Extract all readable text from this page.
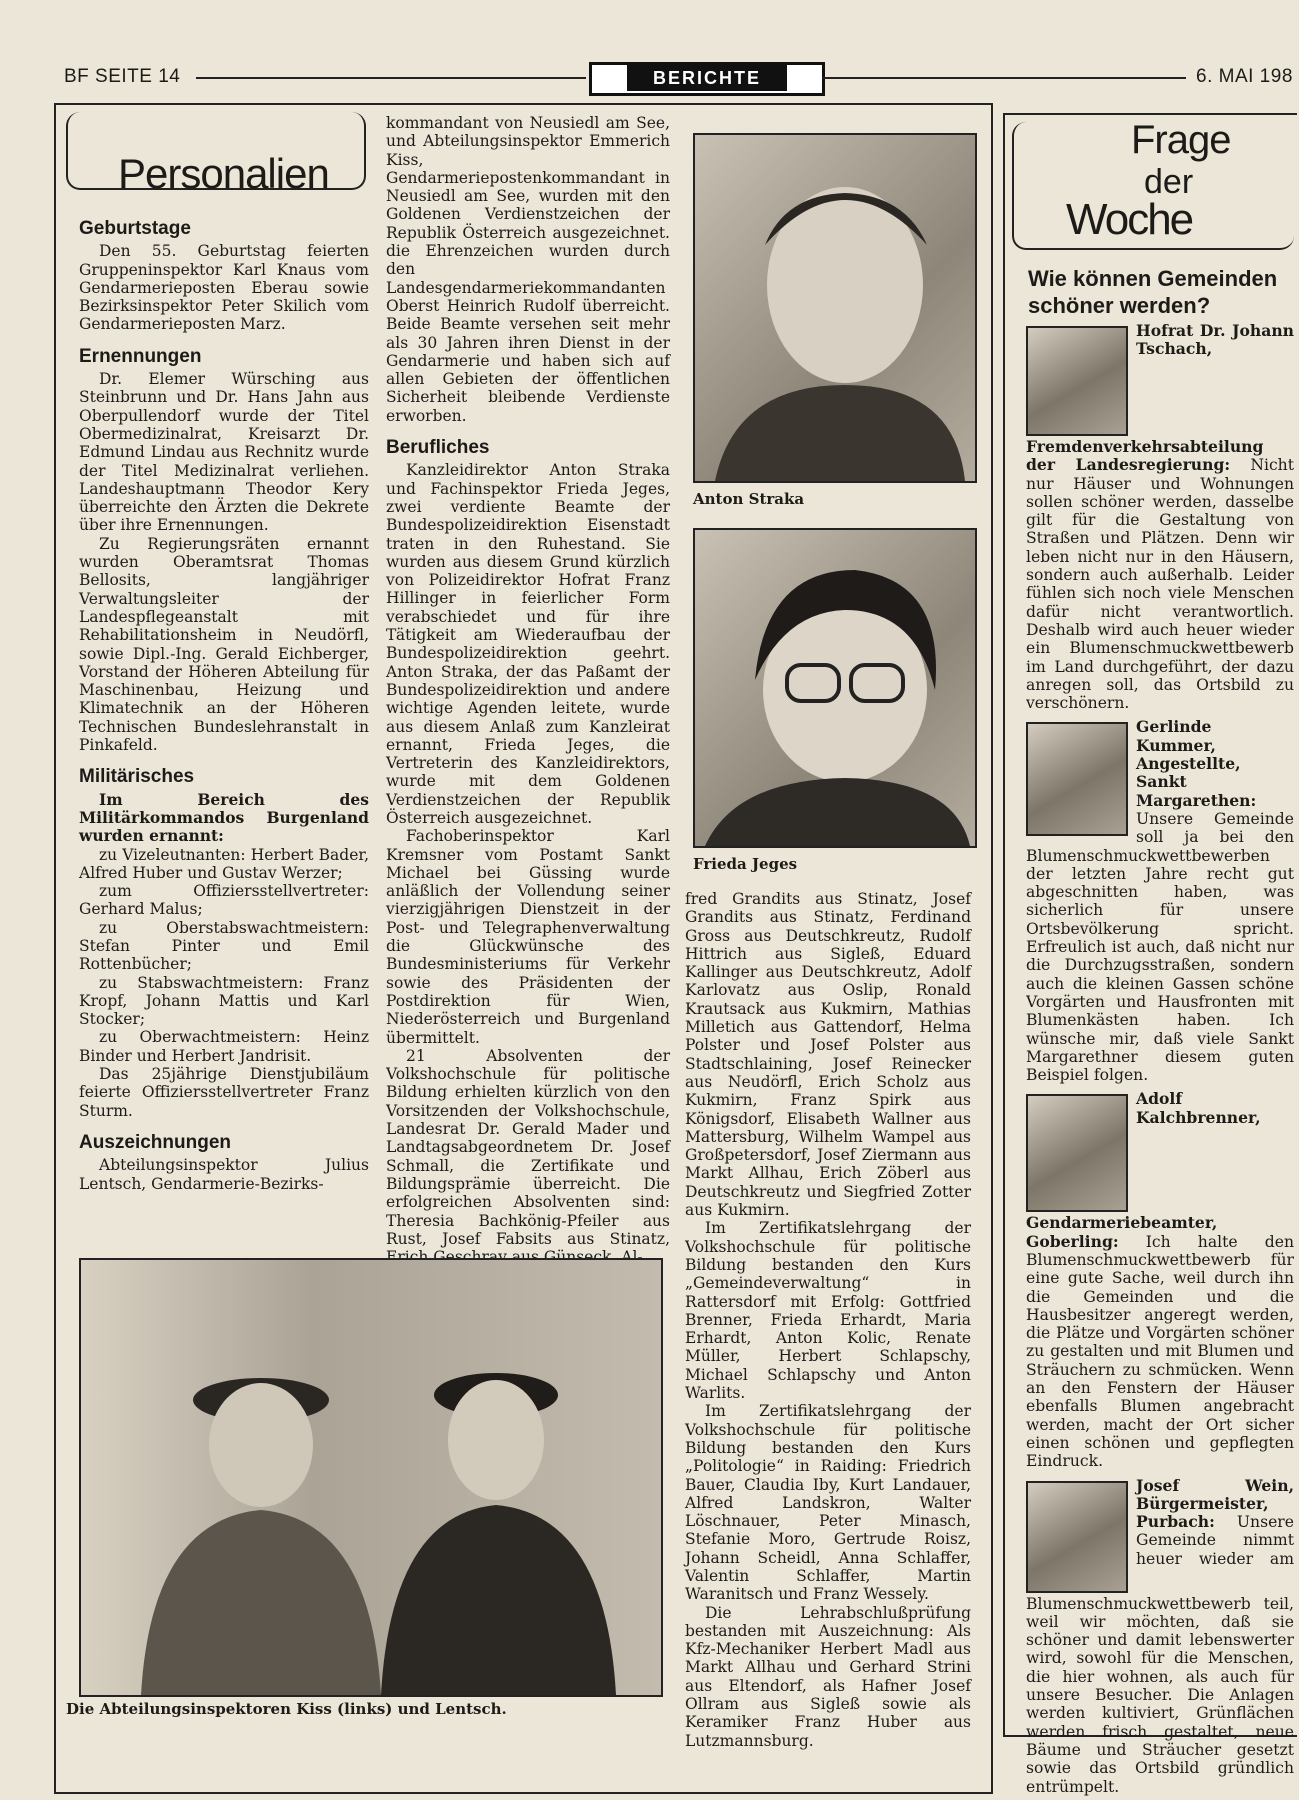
BF SEITE 14	BERICHTE	6. MAI 198
Personalien
Geburtstage

Den 55. Geburtstag feierten Gruppeninspektor Karl Knaus vom Gendarmerieposten Eberau sowie Bezirksinspektor Peter Skilich vom Gendarmerieposten Marz.

Ernennungen

Dr. Elemer Würsching aus Steinbrunn und Dr. Hans Jahn aus Oberpullendorf wurde der Titel Obermedizinalrat, Kreisarzt Dr. Edmund Lindau aus Rechnitz wurde der Titel Medizinalrat verliehen. Landeshauptmann Theodor Kery überreichte den Ärzten die Dekrete über ihre Ernennungen.

Zu Regierungsräten ernannt wurden Oberamtsrat Thomas Bellosits, langjähriger Verwaltungsleiter der Landespflegeanstalt mit Rehabilitationsheim in Neudörfl, sowie Dipl.-Ing. Gerald Eichberger, Vorstand der Höheren Abteilung für Maschinenbau, Heizung und Klimatechnik an der Höheren Technischen Bundeslehranstalt in Pinkafeld.

Militärisches

Im Bereich des Militärkommandos Burgenland wurden ernannt:

zu Vizeleutnanten: Herbert Bader, Alfred Huber und Gustav Werzer;

zum Offiziersstellvertreter: Gerhard Malus;

zu Oberstabswachtmeistern: Stefan Pinter und Emil Rottenbücher;

zu Stabswachtmeistern: Franz Kropf, Johann Mattis und Karl Stocker;

zu Oberwachtmeistern: Heinz Binder und Herbert Jandrisit.

Das 25jährige Dienstjubiläum feierte Offiziersstellvertreter Franz Sturm.

Auszeichnungen

Abteilungsinspektor Julius Lentsch, Gendarmerie-Bezirks-

kommandant von Neusiedl am See, und Abteilungsinspektor Emmerich Kiss, Gendarmeriepostenkommandant in Neusiedl am See, wurden mit den Goldenen Verdienstzeichen der Republik Österreich ausgezeichnet. die Ehrenzeichen wurden durch den Landesgendarmeriekommandanten Oberst Heinrich Rudolf überreicht. Beide Beamte versehen seit mehr als 30 Jahren ihren Dienst in der Gendarmerie und haben sich auf allen Gebieten der öffentlichen Sicherheit bleibende Verdienste erworben.

Berufliches

Kanzleidirektor Anton Straka und Fachinspektor Frieda Jeges, zwei verdiente Beamte der Bundespolizeidirektion Eisenstadt traten in den Ruhestand. Sie wurden aus diesem Grund kürzlich von Polizeidirektor Hofrat Franz Hillinger in feierlicher Form verabschiedet und für ihre Tätigkeit am Wiederaufbau der Bundespolizeidirektion geehrt. Anton Straka, der das Paßamt der Bundespolizeidirektion und andere wichtige Agenden leitete, wurde aus diesem Anlaß zum Kanzleirat ernannt, Frieda Jeges, die Vertreterin des Kanzleidirektors, wurde mit dem Goldenen Verdienstzeichen der Republik Österreich ausgezeichnet.

Fachoberinspektor Karl Kremsner vom Postamt Sankt Michael bei Güssing wurde anläßlich der Vollendung seiner vierzigjährigen Dienstzeit in der Post- und Telegraphenverwaltung die Glückwünsche des Bundesministeriums für Verkehr sowie des Präsidenten der Postdirektion für Wien, Niederösterreich und Burgenland übermittelt.

21 Absolventen der Volkshochschule für politische Bildung erhielten kürzlich von den Vorsitzenden der Volkshochschule, Landesrat Dr. Gerald Mader und Landtagsabgeordnetem Dr. Josef Schmall, die Zertifikate und Bildungsprämie überreicht. Die erfolgreichen Absolventen sind: Theresia Bachkönig-Pfeiler aus Rust, Josef Fabsits aus Stinatz,

Anton Straka
Frieda Jeges

fred Grandits aus Stinatz, Josef Grandits aus Stinatz, Ferdinand Gross aus Deutschkreutz, Rudolf Hittrich aus Sigleß, Eduard Kallinger aus Deutschkreutz, Adolf Karlovatz aus Oslip, Ronald Krautsack aus Kukmirn, Mathias Milletich aus Gattendorf, Helma Polster und Josef Polster aus Stadtschlaining, Josef Reinecker aus Neudörfl, Erich Scholz aus Kukmirn, Franz Spirk aus Königsdorf, Elisabeth Wallner aus Mattersburg, Wilhelm Wampel aus Großpetersdorf, Josef Ziermann aus Markt Allhau, Erich Zöberl aus Deutschkreutz und Siegfried Zotter aus Kukmirn.

Im Zertifikatslehrgang der Volkshochschule für politische Bildung bestanden den Kurs „Gemeindeverwaltung“ in Rattersdorf mit Erfolg: Gottfried Brenner, Frieda Erhardt, Maria Erhardt, Anton Kolic, Renate Müller, Herbert Schlapschy, Michael Schlapschy und Anton Warlits.

Im Zertifikatslehrgang der Volkshochschule für politische Bildung bestanden den Kurs „Politologie“ in Raiding: Friedrich Bauer, Claudia Iby, Kurt Landauer, Alfred Landskron, Walter Löschnauer, Peter Minasch, Stefanie Moro, Gertrude Roisz, Johann Scheidl, Anna Schlaffer, Valentin Schlaffer, Martin Waranitsch und Franz Wessely.

Die Lehrabschlußprüfung bestanden mit Auszeichnung: Als Kfz-Mechaniker Herbert Madl aus Markt Allhau und Gerhard Strini aus Eltendorf, als Hafner Josef Ollram aus Sigleß sowie als Keramiker Franz Huber aus Lutzmannsburg.

Die Abteilungsinspektoren Kiss (links) und Lentsch.
Frage
der
Woche
Wie können Gemeinden schöner werden?
Hofrat Dr. Johann Tschach, Fremdenverkehrsabteilung der Landesregierung: Nicht nur Häuser und Wohnungen sollen schöner werden, dasselbe gilt für die Gestaltung von Straßen und Plätzen. Denn wir leben nicht nur in den Häusern, sondern auch außerhalb. Leider fühlen sich noch viele Menschen dafür nicht verantwortlich. Deshalb wird auch heuer wieder ein Blumenschmuckwettbewerb im Land durchgeführt, der dazu anregen soll, das Ortsbild zu verschönern.
Gerlinde Kummer, Angestellte, Sankt Margarethen: Unsere Gemeinde soll ja bei den Blumenschmuckwettbewerben der letzten Jahre recht gut abgeschnitten haben, was sicherlich für unsere Ortsbevölkerung spricht. Erfreulich ist auch, daß nicht nur die Durchzugsstraßen, sondern auch die kleinen Gassen schöne Vorgärten und Hausfronten mit Blumenkästen haben. Ich wünsche mir, daß viele Sankt Margarethner diesem guten Beispiel folgen.
Adolf Kalchbrenner, Gendarmeriebeamter, Goberling: Ich halte den Blumenschmuckwettbewerb für eine gute Sache, weil durch ihn die Gemeinden und die Hausbesitzer angeregt werden, die Plätze und Vorgärten schöner zu gestalten und mit Blumen und Sträuchern zu schmücken. Wenn an den Fenstern der Häuser ebenfalls Blumen angebracht werden, macht der Ort sicher einen schönen und gepflegten Eindruck.
Josef Wein, Bürgermeister, Purbach: Unsere Gemeinde nimmt heuer wieder am Blumenschmuckwettbewerb teil, weil wir möchten, daß sie schöner und damit lebenswerter wird, sowohl für die Menschen, die hier wohnen, als auch für unsere Besucher. Die Anlagen werden kultiviert, Grünflächen werden frisch gestaltet, neue Bäume und Sträucher gesetzt sowie das Ortsbild gründlich entrümpelt.
